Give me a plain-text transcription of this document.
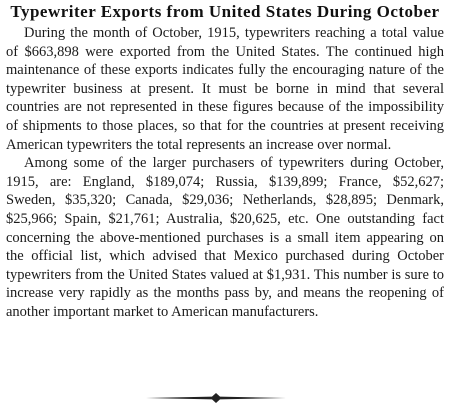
Typewriter Exports from United States During October

During the month of October, 1915, typewriters reaching a total value of $663,898 were exported from the United States. The continued high maintenance of these exports indicates fully the encouraging nature of the typewriter business at present. It must be borne in mind that several countries are not represented in these figures because of the impossibility of shipments to those places, so that for the countries at present receiving American typewriters the total represents an increase over normal.

Among some of the larger purchasers of typewriters during October, 1915, are: England, $189,074; Russia, $139,899; France, $52,627; Sweden, $35,320; Canada, $29,036; Netherlands, $28,895; Denmark, $25,966; Spain, $21,761; Australia, $20,625, etc. One outstanding fact concerning the above-mentioned purchases is a small item appearing on the official list, which advised that Mexico purchased during October typewriters from the United States valued at $1,931. This number is sure to increase very rapidly as the months pass by, and means the reopening of another important market to American manufacturers.
